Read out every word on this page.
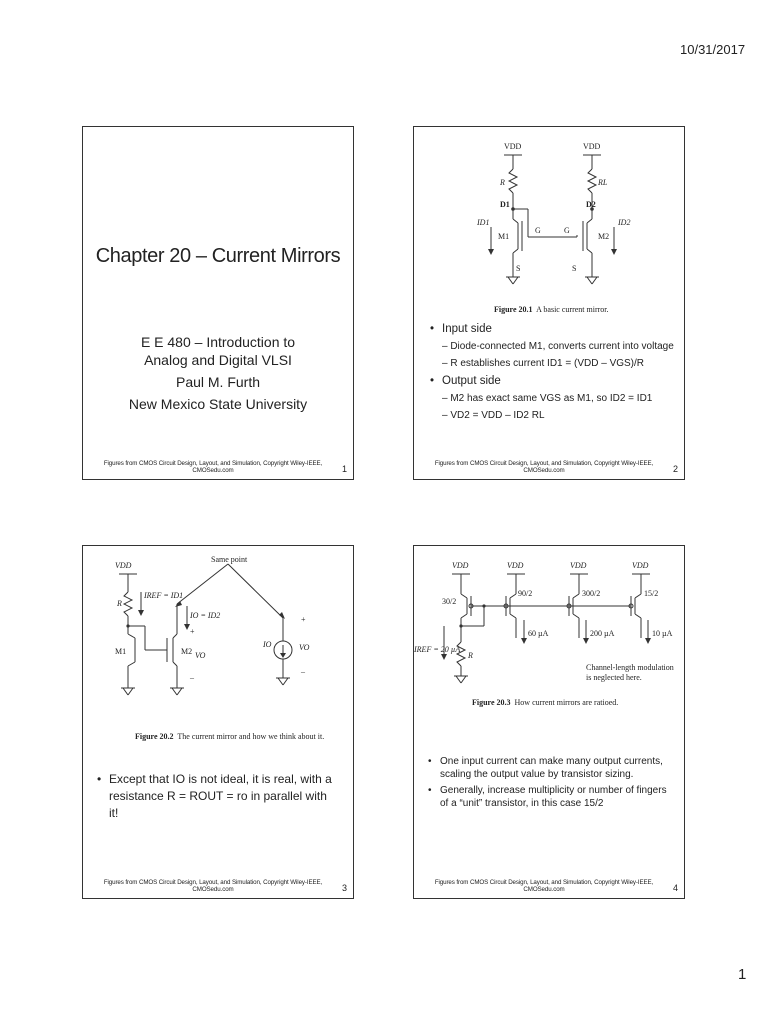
10/31/2017
Chapter 20 – Current Mirrors
E E 480 – Introduction to Analog and Digital VLSI
Paul M. Furth
New Mexico State University
Figures from CMOS Circuit Design, Layout, and Simulation, Copyright Wiley-IEEE, CMOSedu.com	1
VDD	VDD
R	RL
D1	D2
ID1	ID2
M1	M2
G	G
S	S
Figure 20.1 A basic current mirror.
• Input side
– Diode-connected M1, converts current into voltage
– R establishes current ID1 = (VDD – VGS)/R
• Output side
– M2 has exact same VGS as M1, so ID2 = ID1
– VD2 = VDD – ID2 RL
Figures from CMOS Circuit Design, Layout, and Simulation, Copyright Wiley-IEEE, CMOSedu.com	2
VDD
Same point
IREF = ID1
R
IO = ID2
M1	M2
+
VO
–
IO
+
VO
–
Figure 20.2 The current mirror and how we think about it.
• Except that IO is not ideal, it is real, with a resistance R = ROUT = ro in parallel with it!
Figures from CMOS Circuit Design, Layout, and Simulation, Copyright Wiley-IEEE, CMOSedu.com	3
VDD	VDD	VDD	VDD
30/2
90/2	300/2	15/2
IREF = 20 µA
R
60 µA	200 µA	10 µA
Channel-length modulation
is neglected here.
Figure 20.3 How current mirrors are ratioed.
• One input current can make many output currents, scaling the output value by transistor sizing.
• Generally, increase multiplicity or number of fingers of a “unit” transistor, in this case 15/2
Figures from CMOS Circuit Design, Layout, and Simulation, Copyright Wiley-IEEE, CMOSedu.com	4
1
